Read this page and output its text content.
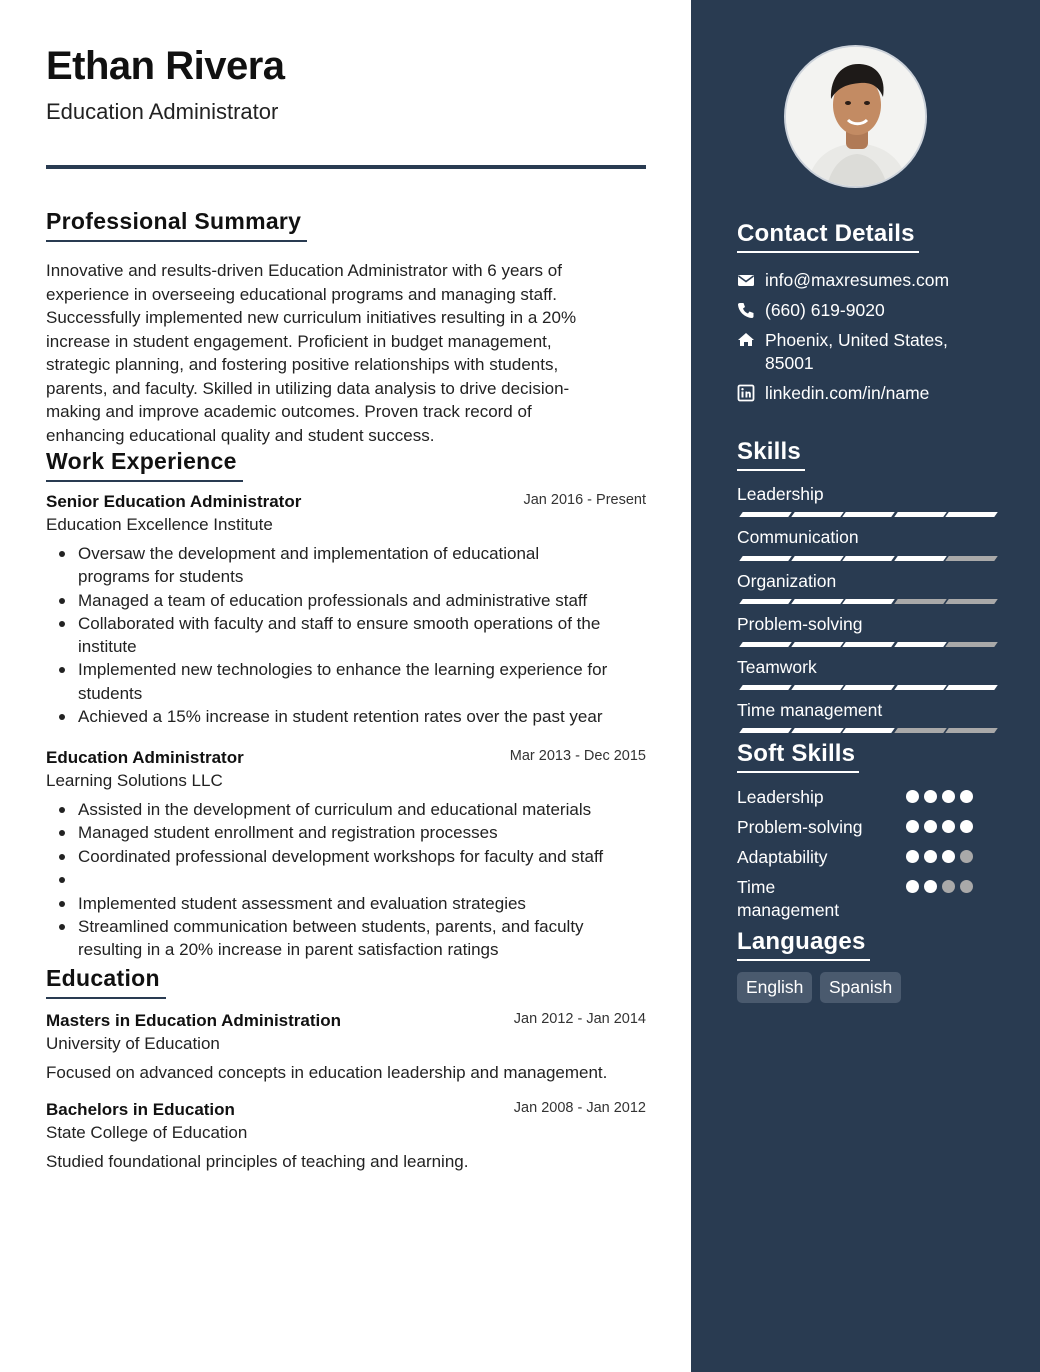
Ethan Rivera
Education Administrator
Professional Summary
Innovative and results-driven Education Administrator with 6 years of
experience in overseeing educational programs and managing staff.
Successfully implemented new curriculum initiatives resulting in a 20%
increase in student engagement. Proficient in budget management,
strategic planning, and fostering positive relationships with students,
parents, and faculty. Skilled in utilizing data analysis to drive decision-
making and improve academic outcomes. Proven track record of
enhancing educational quality and student success.
Work Experience
Senior Education Administrator	Jan 2016 - Present
Education Excellence Institute
Oversaw the development and implementation of educational
programs for students
Managed a team of education professionals and administrative staff
Collaborated with faculty and staff to ensure smooth operations of the
institute
Implemented new technologies to enhance the learning experience for
students
Achieved a 15% increase in student retention rates over the past year
Education Administrator	Mar 2013 - Dec 2015
Learning Solutions LLC
Assisted in the development of curriculum and educational materials
Managed student enrollment and registration processes
Coordinated professional development workshops for faculty and staff
Implemented student assessment and evaluation strategies
Streamlined communication between students, parents, and faculty
resulting in a 20% increase in parent satisfaction ratings
Education
Masters in Education Administration	Jan 2012 - Jan 2014
University of Education
Focused on advanced concepts in education leadership and management.
Bachelors in Education	Jan 2008 - Jan 2012
State College of Education
Studied foundational principles of teaching and learning.
Contact Details
info@maxresumes.com
(660) 619-9020
Phoenix, United States,
85001
linkedin.com/in/name
Skills
Leadership
Communication
Organization
Problem-solving
Teamwork
Time management
Soft Skills
Leadership
Problem-solving
Adaptability
Time
management
Languages
English	Spanish
